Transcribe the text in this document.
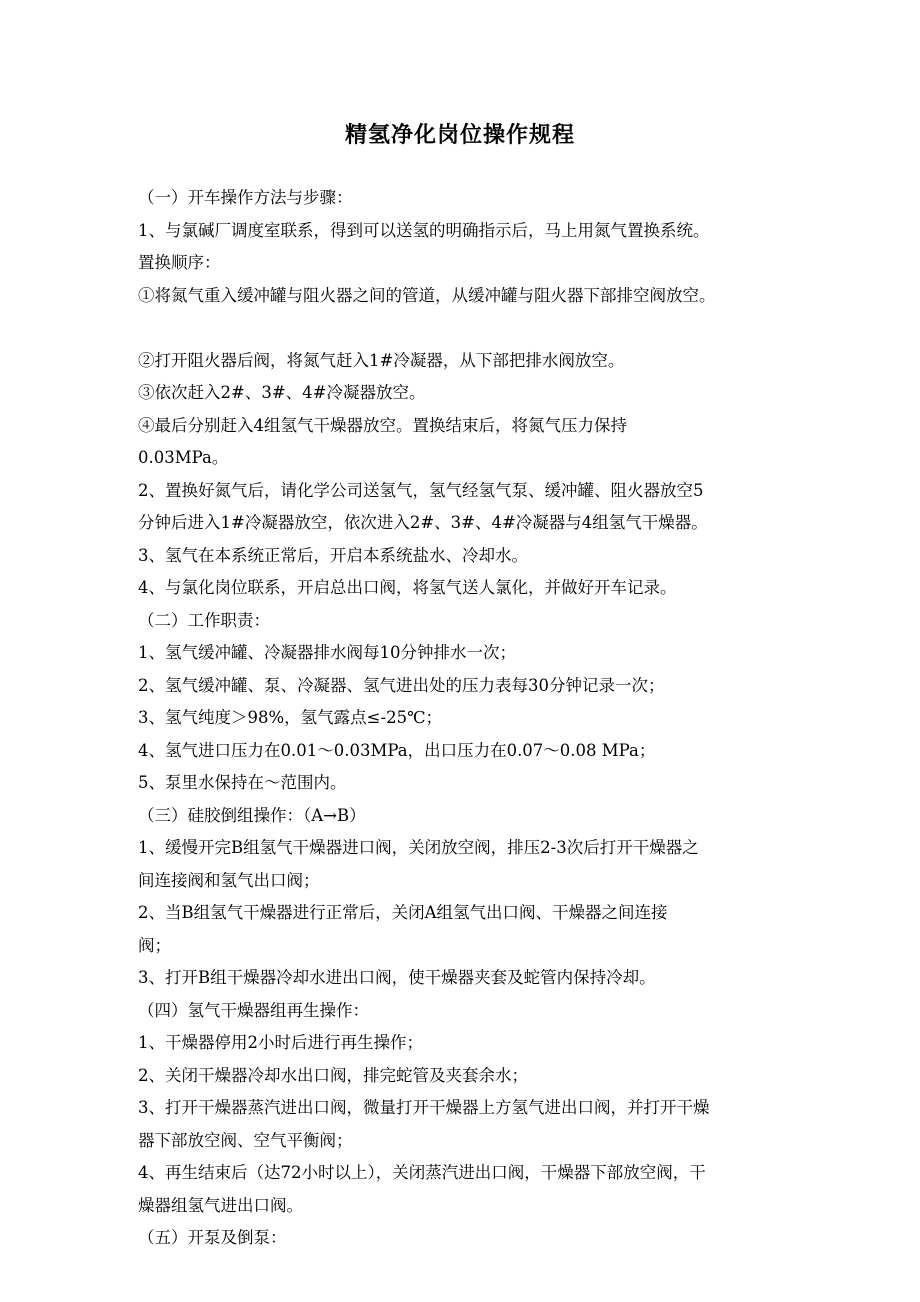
精氢净化岗位操作规程
（一）开车操作方法与步骤：
1、与氯碱厂调度室联系，得到可以送氢的明确指示后，马上用氮气置换系统。
置换顺序：
①将氮气重入缓冲罐与阻火器之间的管道，从缓冲罐与阻火器下部排空阀放空。
②打开阻火器后阀，将氮气赶入1#冷凝器，从下部把排水阀放空。
③依次赶入2#、3#、4#冷凝器放空。
④最后分别赶入4组氢气干燥器放空。置换结束后，将氮气压力保持
0.03MPa。
2、置换好氮气后，请化学公司送氢气，氢气经氢气泵、缓冲罐、阻火器放空5
分钟后进入1#冷凝器放空，依次进入2#、3#、4#冷凝器与4组氢气干燥器。
3、氢气在本系统正常后，开启本系统盐水、冷却水。
4、与氯化岗位联系，开启总出口阀，将氢气送人氯化，并做好开车记录。
（二）工作职责：
1、氢气缓冲罐、冷凝器排水阀每10分钟排水一次；
2、氢气缓冲罐、泵、冷凝器、氢气进出处的压力表每30分钟记录一次；
3、氢气纯度＞98%，氢气露点≤-25℃；
4、氢气进口压力在0.01～0.03MPa，出口压力在0.07～0.08 MPa；
5、泵里水保持在～范围内。
（三）硅胶倒组操作：（A→B）
1、缓慢开完B组氢气干燥器进口阀，关闭放空阀，排压2-3次后打开干燥器之
间连接阀和氢气出口阀；
2、当B组氢气干燥器进行正常后，关闭A组氢气出口阀、干燥器之间连接
阀；
3、打开B组干燥器冷却水进出口阀，使干燥器夹套及蛇管内保持冷却。
（四）氢气干燥器组再生操作：
1、干燥器停用2小时后进行再生操作；
2、关闭干燥器冷却水出口阀，排完蛇管及夹套余水；
3、打开干燥器蒸汽进出口阀，微量打开干燥器上方氢气进出口阀，并打开干燥
器下部放空阀、空气平衡阀；
4、再生结束后（达72小时以上），关闭蒸汽进出口阀，干燥器下部放空阀，干
燥器组氢气进出口阀。
（五）开泵及倒泵：
